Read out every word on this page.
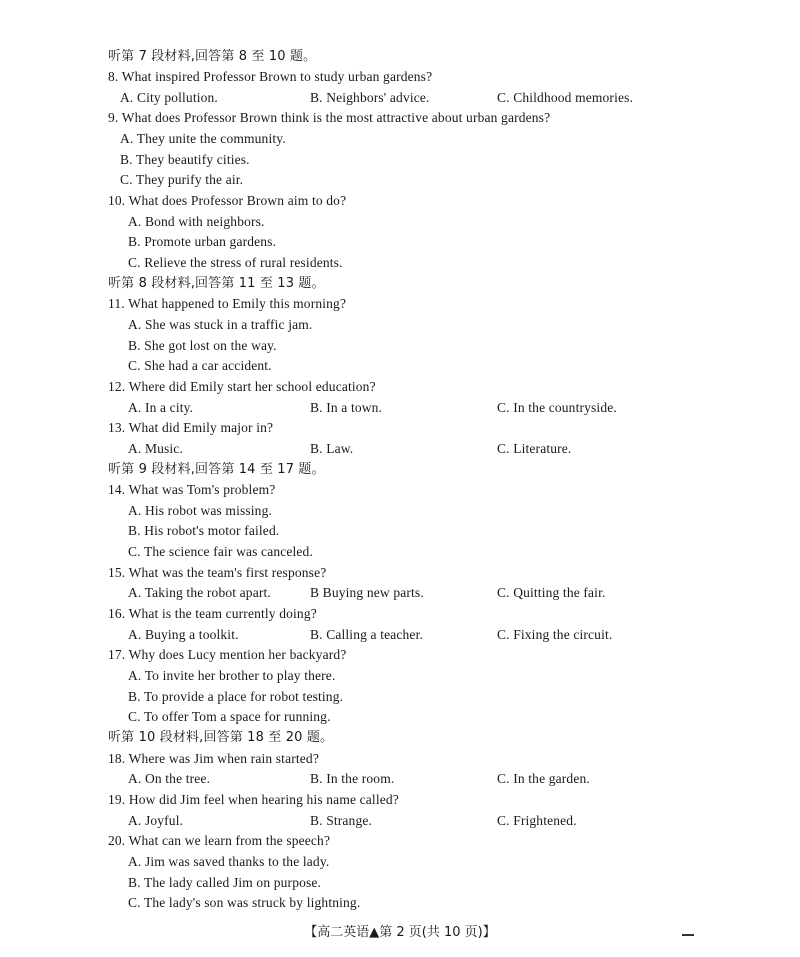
听第 7 段材料,回答第 8 至 10 题。
8. What inspired Professor Brown to study urban gardens?
A. City pollution.	B. Neighbors' advice.	C. Childhood memories.
9. What does Professor Brown think is the most attractive about urban gardens?
A. They unite the community.
B. They beautify cities.
C. They purify the air.
10. What does Professor Brown aim to do?
A. Bond with neighbors.
B. Promote urban gardens.
C. Relieve the stress of rural residents.
听第 8 段材料,回答第 11 至 13 题。
11. What happened to Emily this morning?
A. She was stuck in a traffic jam.
B. She got lost on the way.
C. She had a car accident.
12. Where did Emily start her school education?
A. In a city.	B. In a town.	C. In the countryside.
13. What did Emily major in?
A. Music.	B. Law.	C. Literature.
听第 9 段材料,回答第 14 至 17 题。
14. What was Tom's problem?
A. His robot was missing.
B. His robot's motor failed.
C. The science fair was canceled.
15. What was the team's first response?
A. Taking the robot apart.	B Buying new parts.	C. Quitting the fair.
16. What is the team currently doing?
A. Buying a toolkit.	B. Calling a teacher.	C. Fixing the circuit.
17. Why does Lucy mention her backyard?
A. To invite her brother to play there.
B. To provide a place for robot testing.
C. To offer Tom a space for running.
听第 10 段材料,回答第 18 至 20 题。
18. Where was Jim when rain started?
A. On the tree.	B. In the room.	C. In the garden.
19. How did Jim feel when hearing his name called?
A. Joyful.	B. Strange.	C. Frightened.
20. What can we learn from the speech?
A. Jim was saved thanks to the lady.
B. The lady called Jim on purpose.
C. The lady's son was struck by lightning.
【高二英语▲第 2 页(共 10 页)】
